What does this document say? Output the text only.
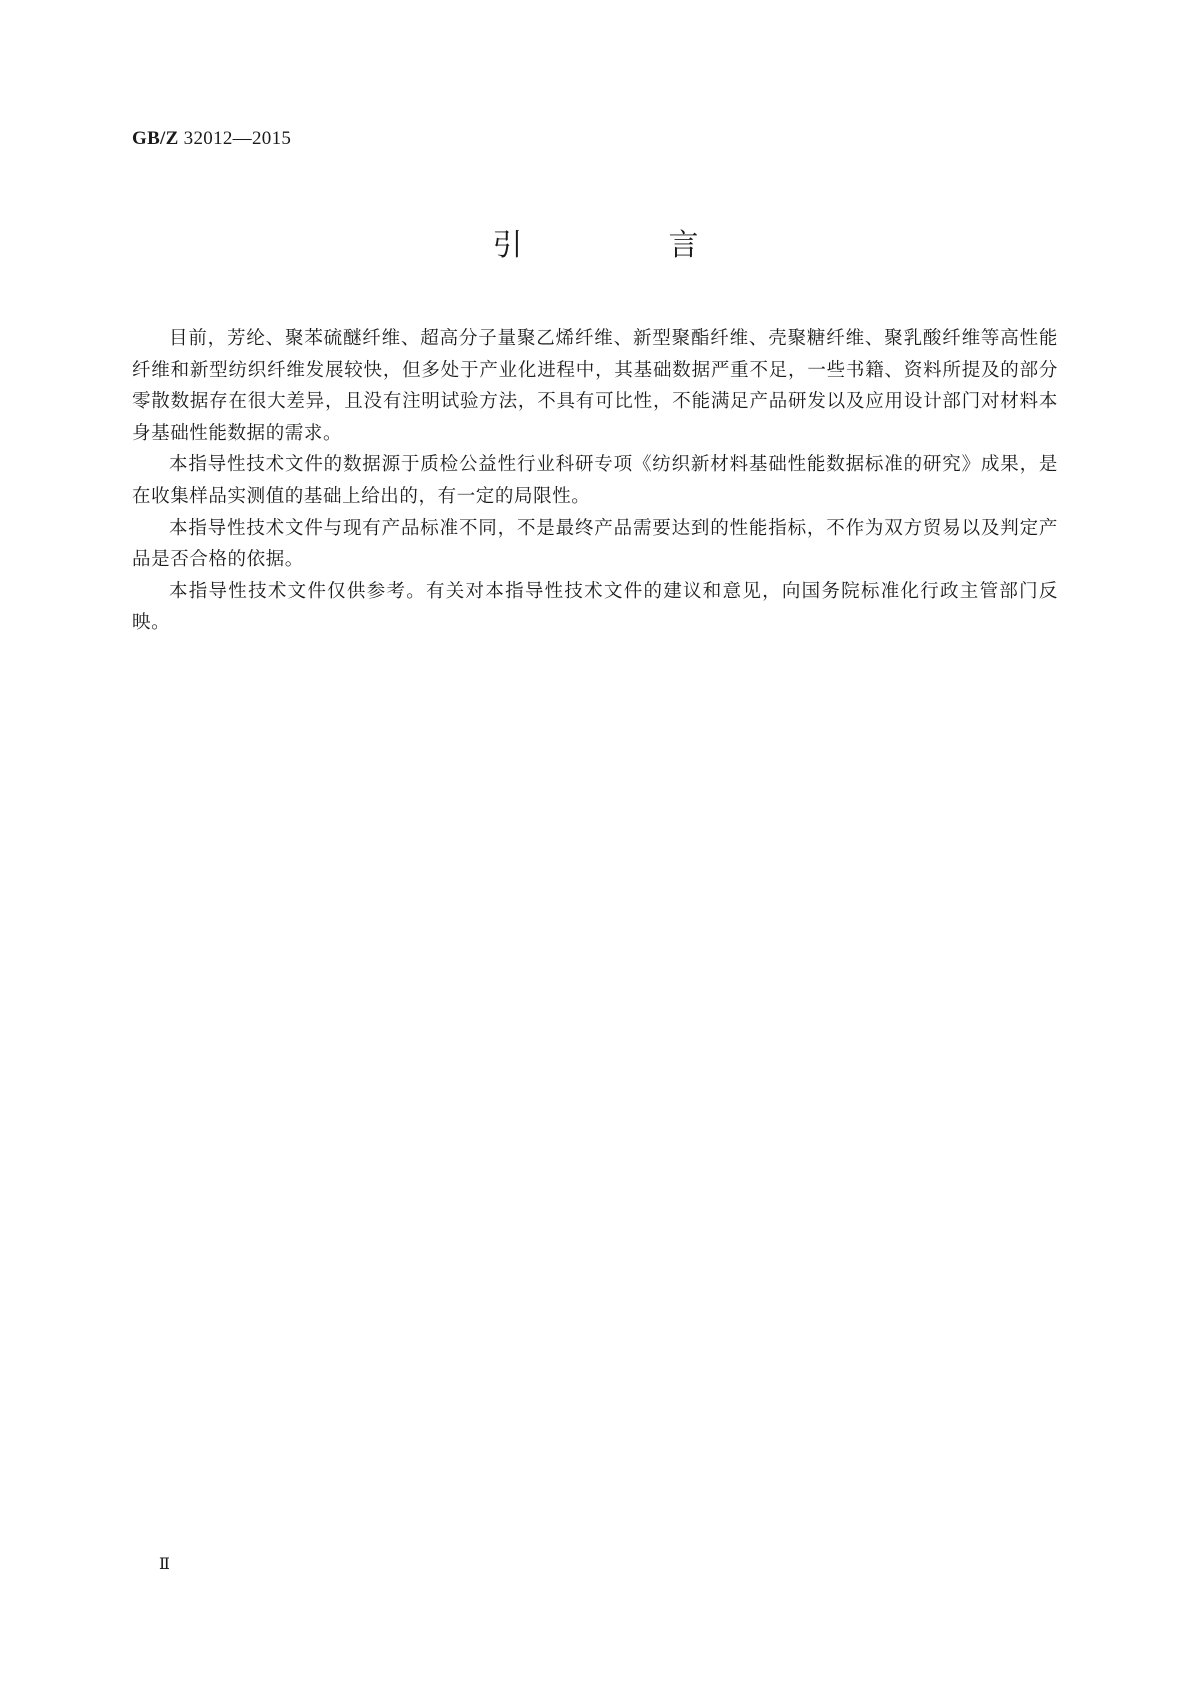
GB/Z 32012—2015
引　言

目前，芳纶、聚苯硫醚纤维、超高分子量聚乙烯纤维、新型聚酯纤维、壳聚糖纤维、聚乳酸纤维等高性能纤维和新型纺织纤维发展较快，但多处于产业化进程中，其基础数据严重不足，一些书籍、资料所提及的部分零散数据存在很大差异，且没有注明试验方法，不具有可比性，不能满足产品研发以及应用设计部门对材料本身基础性能数据的需求。

本指导性技术文件的数据源于质检公益性行业科研专项《纺织新材料基础性能数据标准的研究》成果，是在收集样品实测值的基础上给出的，有一定的局限性。

本指导性技术文件与现有产品标准不同，不是最终产品需要达到的性能指标，不作为双方贸易以及判定产品是否合格的依据。

本指导性技术文件仅供参考。有关对本指导性技术文件的建议和意见，向国务院标准化行政主管部门反映。

Ⅱ
